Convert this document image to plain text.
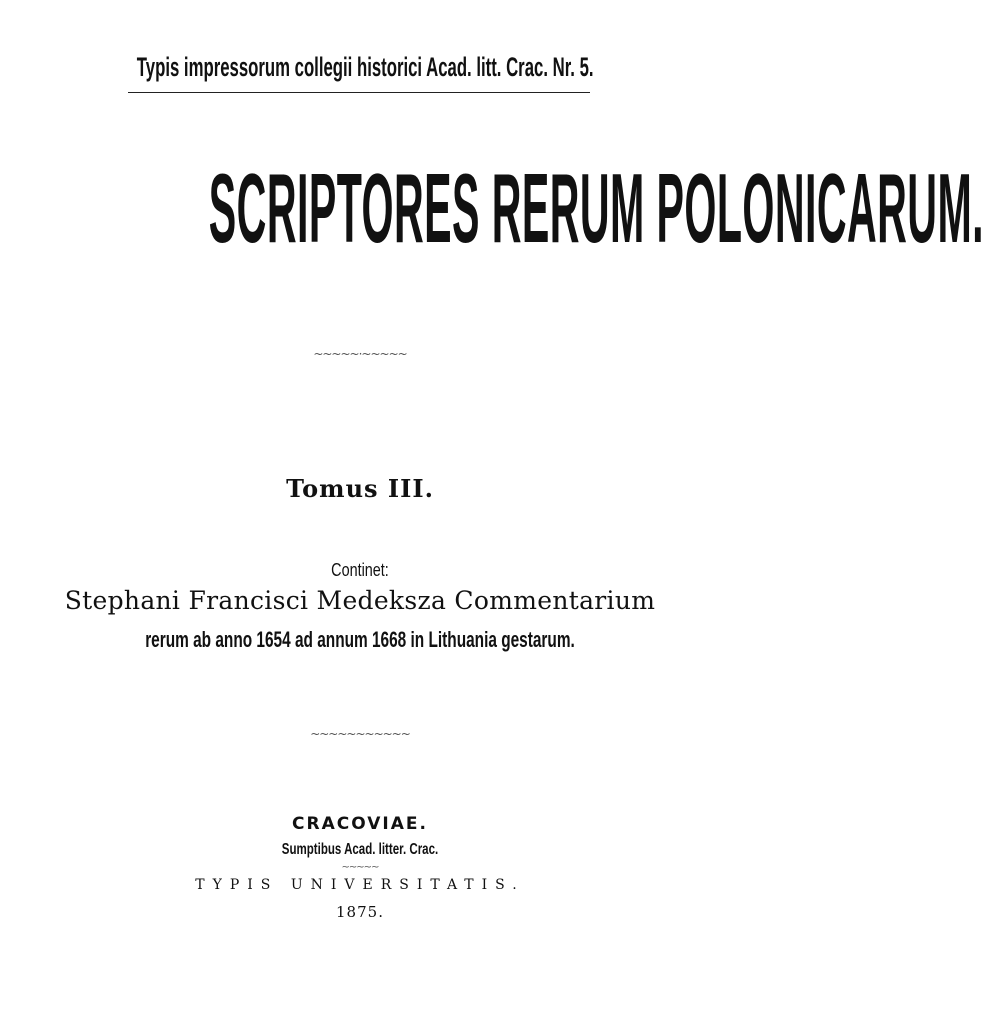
Typis impressorum collegii historici Acad. litt. Crac. Nr. 5.
SCRIPTORES RERUM POLONICARUM.
~~~~~·~~~~~
Tomus III.
Continet:
Stephani Francisci Medeksza Commentarium
rerum ab anno 1654 ad annum 1668 in Lithuania gestarum.
~~~~~~~~~~~
CRACOVIAE.
Sumptibus Acad. litter. Crac.
~~~~~
TYPIS UNIVERSITATIS.
1875.
